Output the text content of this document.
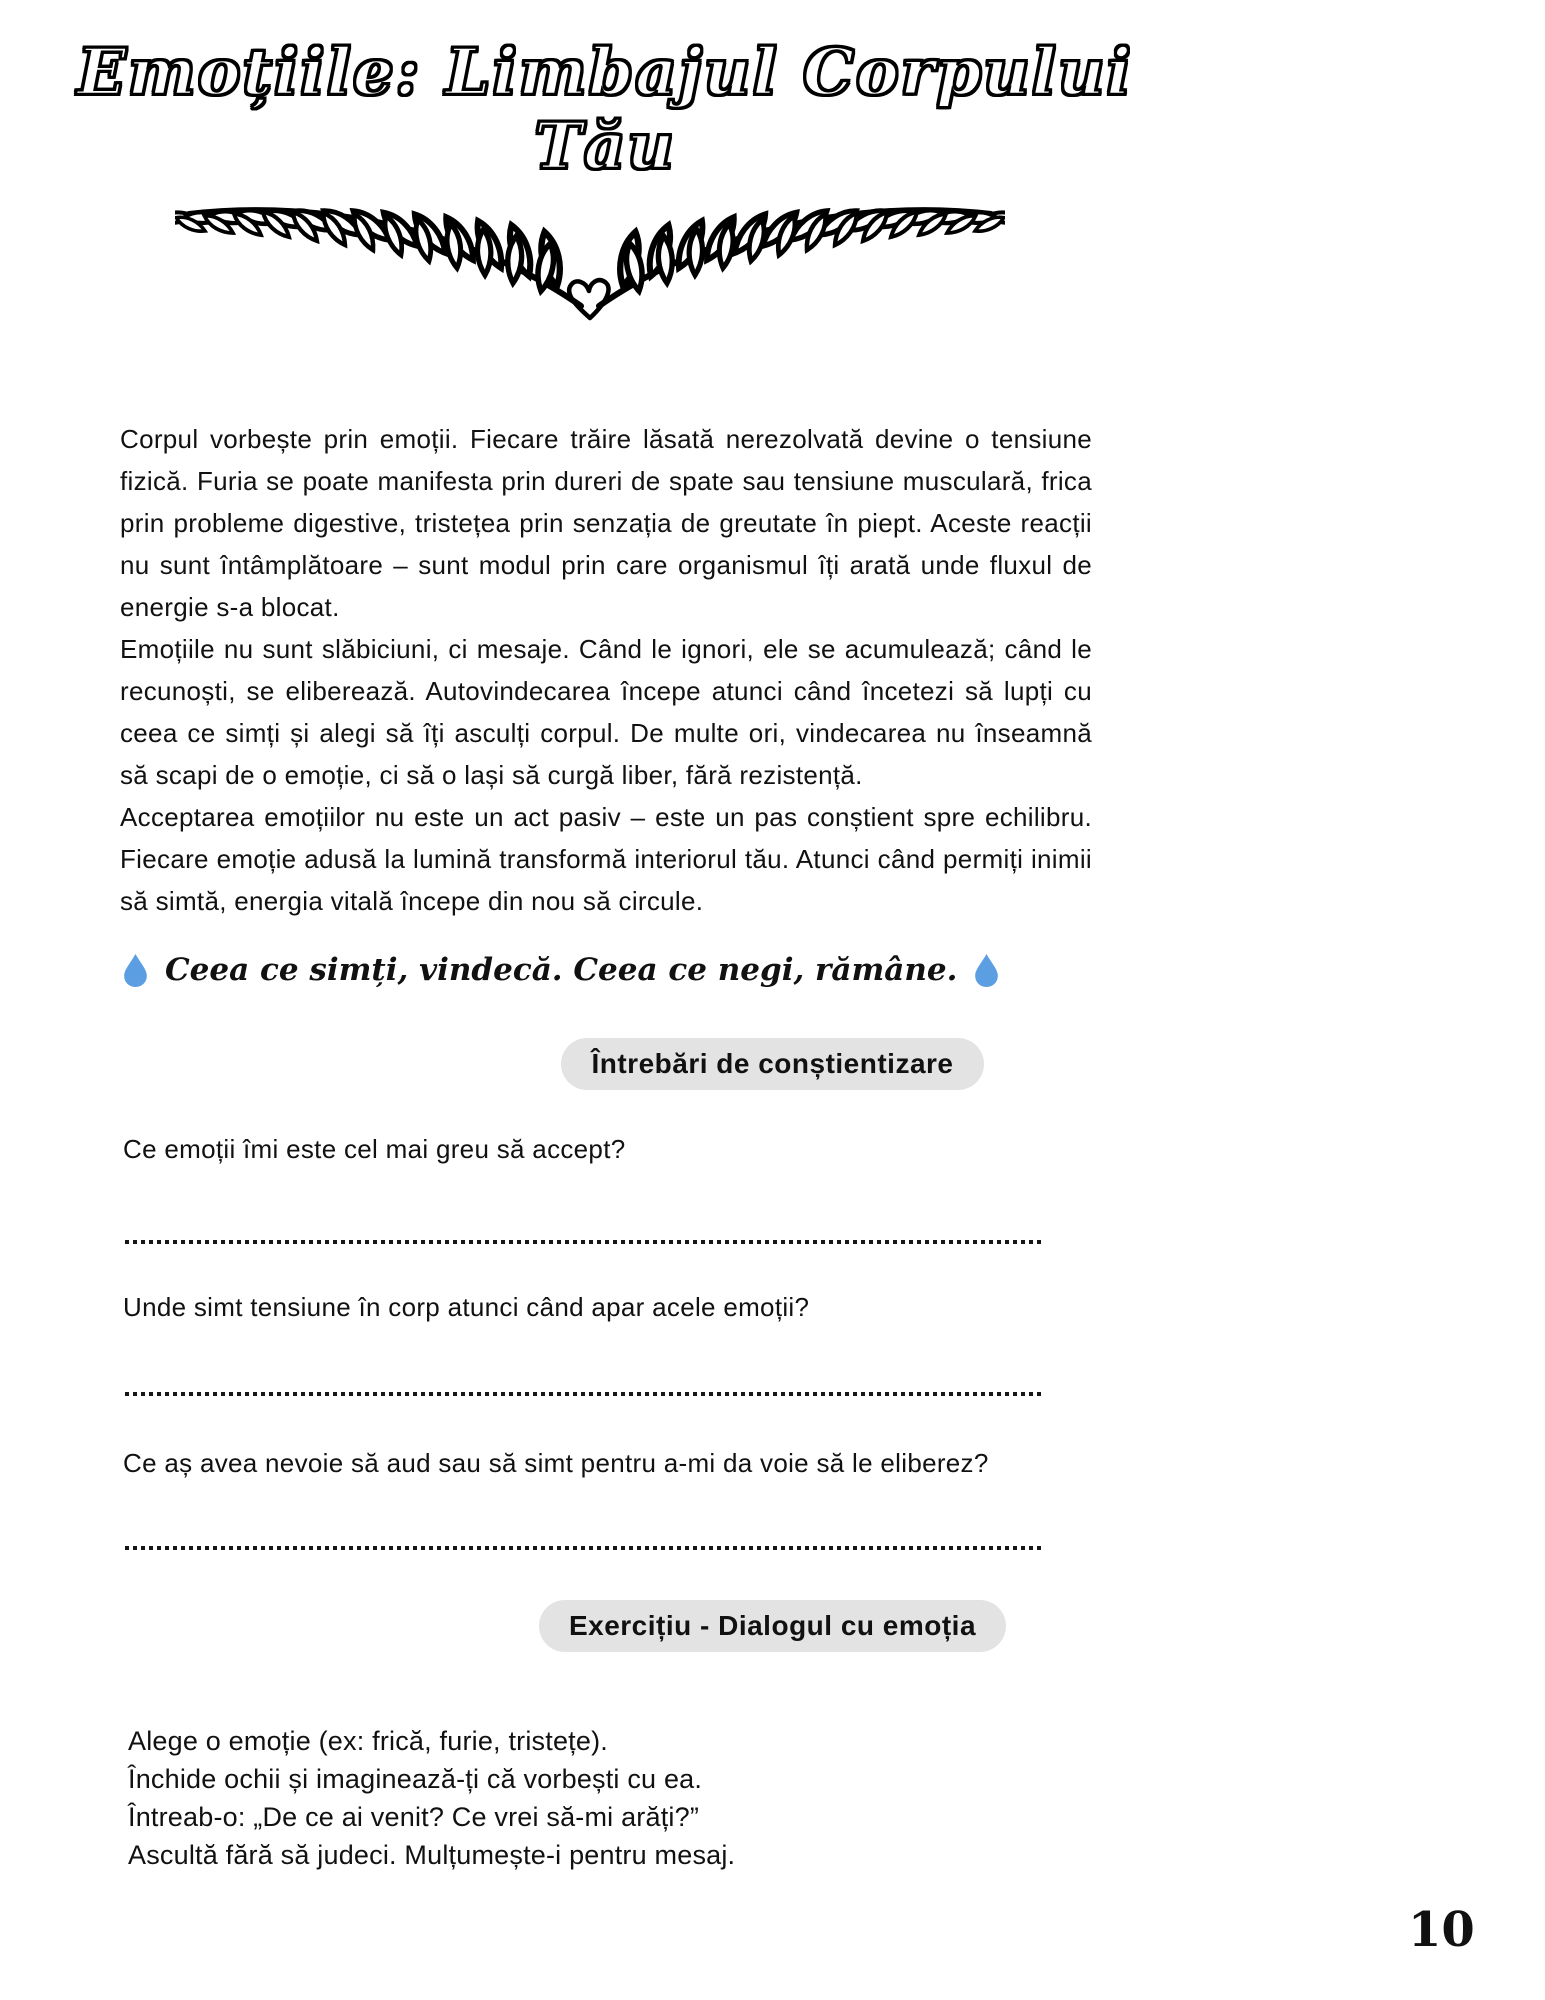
Emoțiile: Limbajul Corpului Tău

Corpul vorbește prin emoții. Fiecare trăire lăsată nerezolvată devine o tensiune fizică. Furia se poate manifesta prin dureri de spate sau tensiune musculară, frica prin probleme digestive, tristețea prin senzația de greutate în piept. Aceste reacții nu sunt întâmplătoare – sunt modul prin care organismul îți arată unde fluxul de energie s-a blocat.

Emoțiile nu sunt slăbiciuni, ci mesaje. Când le ignori, ele se acumulează; când le recunoști, se eliberează. Autovindecarea începe atunci când încetezi să lupți cu ceea ce simți și alegi să îți asculți corpul. De multe ori, vindecarea nu înseamnă să scapi de o emoție, ci să o lași să curgă liber, fără rezistență.

Acceptarea emoțiilor nu este un act pasiv – este un pas conștient spre echilibru. Fiecare emoție adusă la lumină transformă interiorul tău. Atunci când permiți inimii să simtă, energia vitală începe din nou să circule.

Ceea ce simți, vindecă. Ceea ce negi, rămâne.
Întrebări de conștientizare

Ce emoții îmi este cel mai greu să accept?

Unde simt tensiune în corp atunci când apar acele emoții?

Ce aș avea nevoie să aud sau să simt pentru a-mi da voie să le eliberez?

Exercițiu - Dialogul cu emoția

Alege o emoție (ex: frică, furie, tristețe).

Închide ochii și imaginează-ți că vorbești cu ea.

Întreab-o: „De ce ai venit? Ce vrei să-mi arăți?”

Ascultă fără să judeci. Mulțumește-i pentru mesaj.

10
